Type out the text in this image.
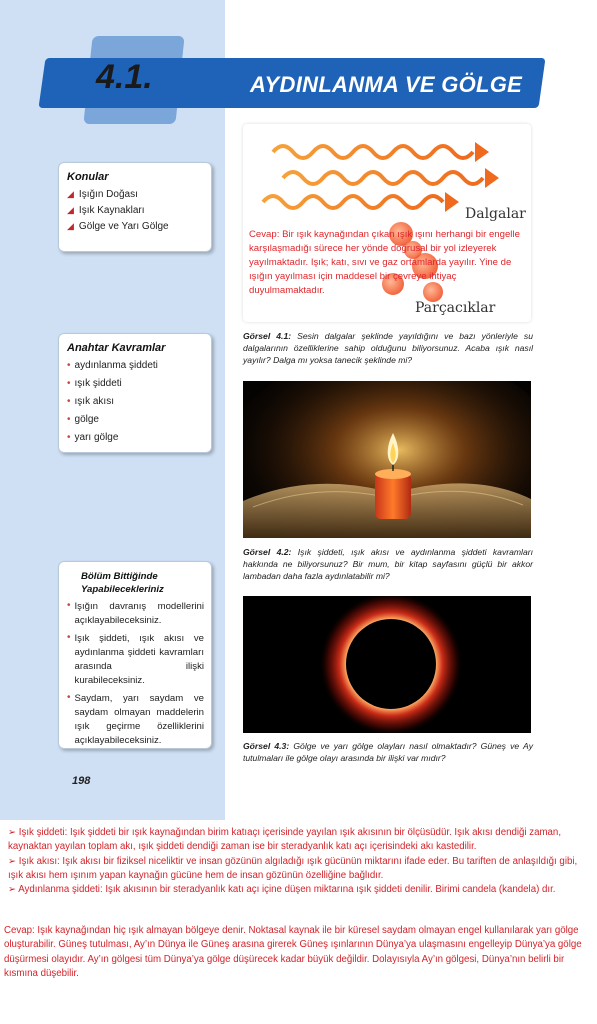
4.1.	AYDINLANMA VE GÖLGE
Konular
◢ Işığın Doğası
◢ Işık Kaynakları
◢ Gölge ve Yarı Gölge
Anahtar Kavramlar
• aydınlanma şiddeti
• ışık şiddeti
• ışık akısı
• gölge
• yarı gölge
Bölüm Bittiğinde Yapabilecekleriniz
• Işığın davranış modellerini açıklayabileceksiniz.
• Işık şiddeti, ışık akısı ve aydınlanma şiddeti kavramları arasında ilişki kurabileceksiniz.
• Saydam, yarı saydam ve saydam olmayan maddelerin ışık geçirme özelliklerini açıklayabileceksiniz.
Dalgalar
Cevap: Bir ışık kaynağından çıkan ışık ışını herhangi bir engelle karşılaşmadığı sürece her yönde doğrusal bir yol izleyerek yayılmaktadır. Işık; katı, sıvı ve gaz ortamlarda yayılır. Yine de ışığın yayılması için maddesel bir çevreye ihtiyaç duyulmamaktadır.
Parçacıklar
Görsel 4.1: Sesin dalgalar şeklinde yayıldığını ve bazı yönleriyle su dalgalarının özelliklerine sahip olduğunu biliyorsunuz. Acaba ışık nasıl yayılır? Dalga mı yoksa tanecik şeklinde mi?
Görsel 4.2: Işık şiddeti, ışık akısı ve aydınlanma şiddeti kavramları hakkında ne biliyorsunuz? Bir mum, bir kitap sayfasını güçlü bir akkor lambadan daha fazla aydınlatabilir mi?
Görsel 4.3: Gölge ve yarı gölge olayları nasıl olmaktadır? Güneş ve Ay tutulmaları ile gölge olayı arasında bir ilişki var mıdır?
198

➢ Işık şiddeti: Işık şiddeti bir ışık kaynağından birim katıaçı içerisinde yayılan ışık akısının bir ölçüsüdür. Işık akısı dendiği zaman, kaynaktan yayılan toplam akı, ışık şiddeti dendiği zaman ise bir steradyanlık katı açı içerisindeki akı kastedilir.

➢ Işık akısı: Işık akısı bir fiziksel niceliktir ve insan gözünün algıladığı ışık gücünün miktarını ifade eder. Bu tariften de anlaşıldığı gibi, ışık akısı hem ışınım yapan kaynağın gücüne hem de insan gözünün özelliğine bağlıdır.

➢ Aydınlanma şiddeti: Işık akısının bir steradyanlık katı açı içine düşen miktarına ışık şiddeti denilir. Birimi candela (kandela) dır.

Cevap: Işık kaynağından hiç ışık almayan bölgeye denir. Noktasal kaynak ile bir küresel saydam olmayan engel kullanılarak yarı gölge oluşturabilir. Güneş tutulması, Ay’ın Dünya ile Güneş arasına girerek Güneş ışınlarının Dünya’ya ulaşmasını engelleyip Dünya’ya gölge düşürmesi olayıdır. Ay’ın gölgesi tüm Dünya’ya gölge düşürecek kadar büyük değildir. Dolayısıyla Ay’ın gölgesi, Dünya’nın belirli bir kısmına düşebilir.
